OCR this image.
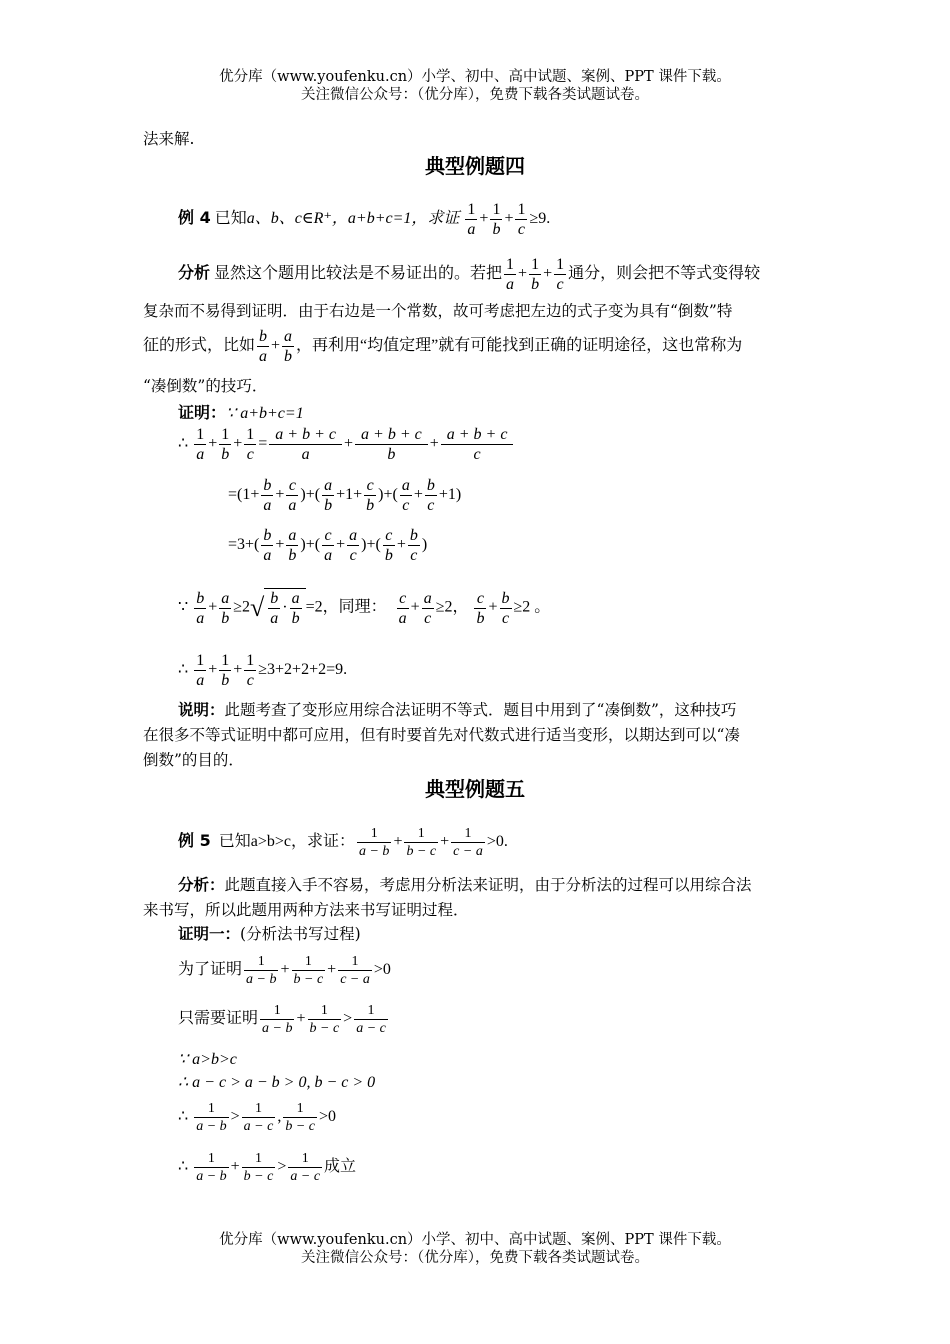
优分库（www.youfenku.cn）小学、初中、高中试题、案例、PPT 课件下载。
关注微信公众号：（优分库），免费下载各类试题试卷。
法来解.
典型例题四
例 4 已知a、b、c∈R⁺，a+b+c=1，求证 $\frac{1}{a} + \frac{1}{b} + \frac{1}{c} \ge 9$.
分析 显然这个题用比较法是不易证出的。若把 $\frac{1}{a} + \frac{1}{b} + \frac{1}{c}$ 通分，则会把不等式变得较
复杂而不易得到证明．由于右边是一个常数，故可考虑把左边的式子变为具有“倒数”特
征的形式，比如 $\frac{b}{a} + \frac{a}{b}$ ，再利用“均值定理”就有可能找到正确的证明途径，这也常称为
“凑倒数”的技巧．
证明：∵ a+b+c=1
∴ $\frac{1}{a} + \frac{1}{b} + \frac{1}{c} = \frac{a + b + c}{a} + \frac{a + b + c}{b} + \frac{a + b + c}{c}$
$=(1+ \frac{b}{a} + \frac{c}{a}$ )+( $\frac{a}{b} +1+ \frac{c}{b}$ )+( $\frac{a}{c} + \frac{b}{c} +1$)
$=3+( \frac{b}{a} + \frac{a}{b}$ )+( $\frac{c}{a} + \frac{a}{c}$ )+( $\frac{c}{b} + \frac{b}{c}$ )
∵ $\frac{b}{a} + \frac{a}{b} \ge 2√ \frac{b}{a} \cdot \frac{a}{b} =2$，同理： $\frac{c}{a} + \frac{a}{c} \ge 2$， $\frac{c}{b} + \frac{b}{c} \ge 2$ 。
∴ $\frac{1}{a} + \frac{1}{b} + \frac{1}{c} \ge 3+2+2+2=9$.
说明：此题考查了变形应用综合法证明不等式．题目中用到了“凑倒数”，这种技巧
在很多不等式证明中都可应用，但有时要首先对代数式进行适当变形，以期达到可以“凑
倒数”的目的．
典型例题五
例 5 已知a>b>c，求证： $\frac{1}{a - b} + \frac{1}{b - c} + \frac{1}{c - a} >0$.
分析：此题直接入手不容易，考虑用分析法来证明，由于分析法的过程可以用综合法
来书写，所以此题用两种方法来书写证明过程．
证明一：(分析法书写过程)
为了证明 $\frac{1}{a - b} + \frac{1}{b - c} + \frac{1}{c - a} >0$
只需要证明 $\frac{1}{a - b} + \frac{1}{b - c} > \frac{1}{a - c}$
∵ a>b>c
∴ a − c > a − b > 0, b − c > 0
∴ $\frac{1}{a - b} > \frac{1}{a - c}$ , $\frac{1}{b - c} >0$
∴ $\frac{1}{a - b} + \frac{1}{b - c} > \frac{1}{a - c}$ 成立
优分库（www.youfenku.cn）小学、初中、高中试题、案例、PPT 课件下载。
关注微信公众号：（优分库），免费下载各类试题试卷。
